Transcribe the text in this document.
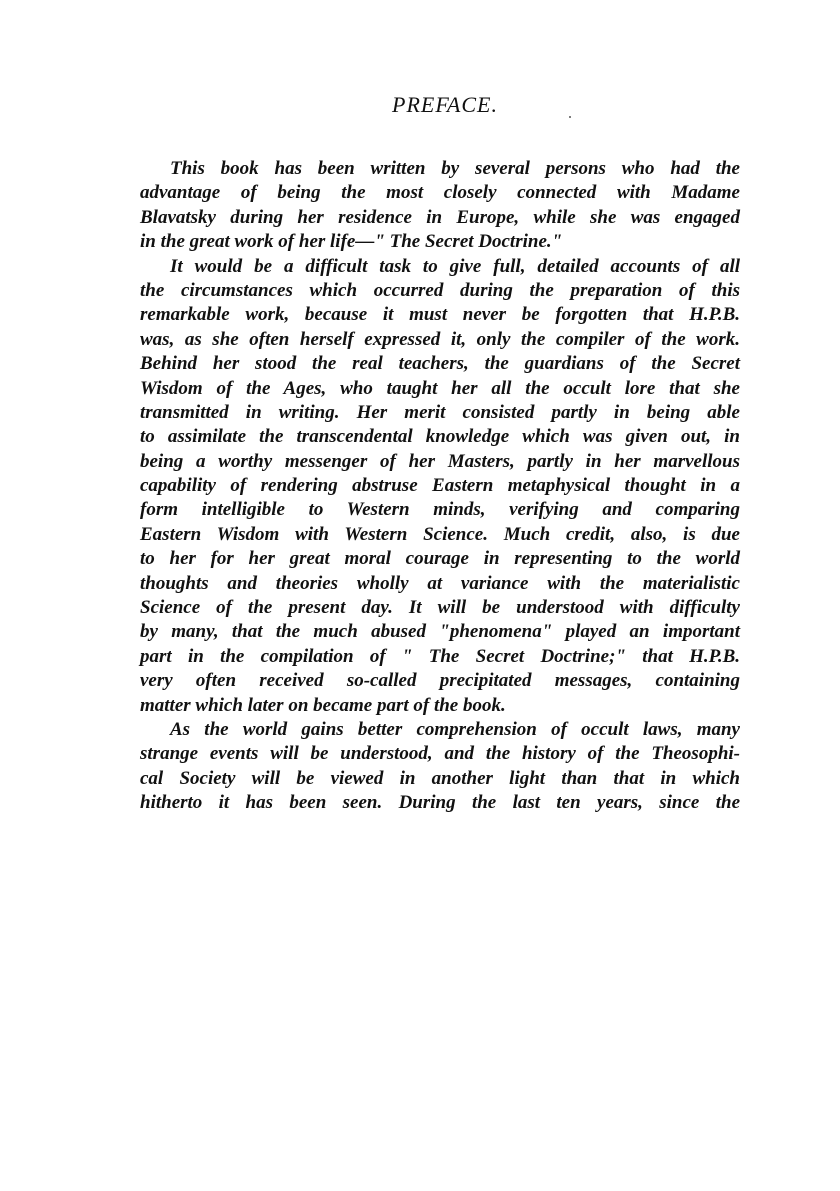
PREFACE.
This book has been written by several persons who had the
advantage of being the most closely connected with Madame
Blavatsky during her residence in Europe, while she was engaged
in the great work of her life—" The Secret Doctrine."
It would be a difficult task to give full, detailed accounts of all
the circumstances which occurred during the preparation of this
remarkable work, because it must never be forgotten that H.P.B.
was, as she often herself expressed it, only the compiler of the work.
Behind her stood the real teachers, the guardians of the Secret
Wisdom of the Ages, who taught her all the occult lore that she
transmitted in writing. Her merit consisted partly in being able
to assimilate the transcendental knowledge which was given out, in
being a worthy messenger of her Masters, partly in her marvellous
capability of rendering abstruse Eastern metaphysical thought in a
form intelligible to Western minds, verifying and comparing
Eastern Wisdom with Western Science. Much credit, also, is due
to her for her great moral courage in representing to the world
thoughts and theories wholly at variance with the materialistic
Science of the present day. It will be understood with difficulty
by many, that the much abused "phenomena" played an important
part in the compilation of " The Secret Doctrine;" that H.P.B.
very often received so-called precipitated messages, containing
matter which later on became part of the book.
As the world gains better comprehension of occult laws, many
strange events will be understood, and the history of the Theosophi-
cal Society will be viewed in another light than that in which
hitherto it has been seen. During the last ten years, since the
